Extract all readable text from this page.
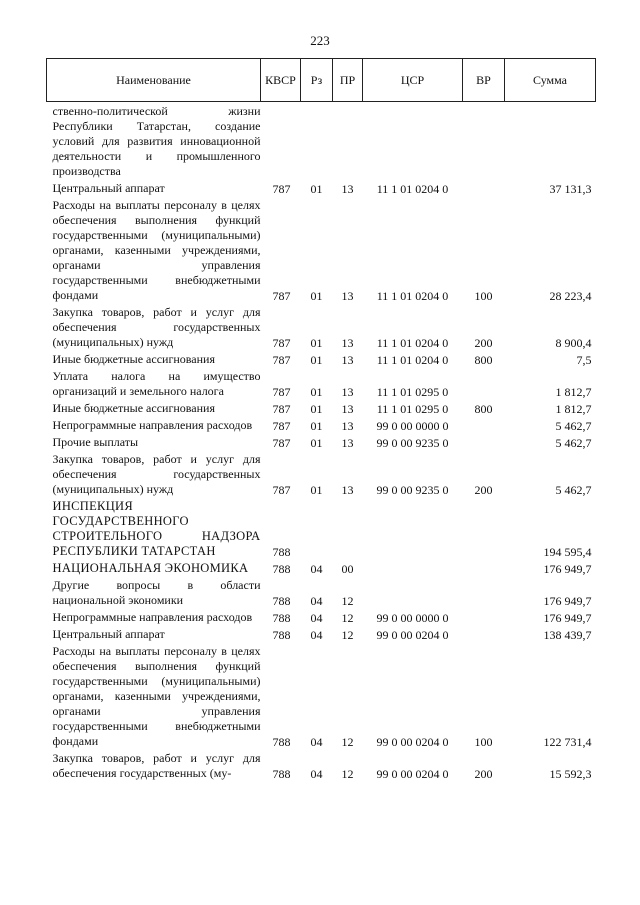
223
Наименование	КВСР	Рз	ПР	ЦСР	ВР	Сумма
ственно-политической жизни Республики Татарстан, создание условий для развития инновационной деятельности и промышленного производства						
Центральный аппарат	787	01	13	11 1 01 0204 0		37 131,3
Расходы на выплаты персоналу в целях обеспечения выполнения функций государственными (муниципальными) органами, казенными учреждениями, органами управления государственными внебюджетными фондами	787	01	13	11 1 01 0204 0	100	28 223,4
Закупка товаров, работ и услуг для обеспечения государственных (муниципальных) нужд	787	01	13	11 1 01 0204 0	200	8 900,4
Иные бюджетные ассигнования	787	01	13	11 1 01 0204 0	800	7,5
Уплата налога на имущество организаций и земельного налога	787	01	13	11 1 01 0295 0		1 812,7
Иные бюджетные ассигнования	787	01	13	11 1 01 0295 0	800	1 812,7
Непрограммные направления расходов	787	01	13	99 0 00 0000 0		5 462,7
Прочие выплаты	787	01	13	99 0 00 9235 0		5 462,7
Закупка товаров, работ и услуг для обеспечения государственных (муниципальных) нужд	787	01	13	99 0 00 9235 0	200	5 462,7
ИНСПЕКЦИЯ ГОСУДАРСТВЕННОГО СТРОИТЕЛЬНОГО НАДЗОРА РЕСПУБЛИКИ ТАТАРСТАН	788					194 595,4
НАЦИОНАЛЬНАЯ ЭКОНОМИКА	788	04	00			176 949,7
Другие вопросы в области национальной экономики	788	04	12			176 949,7
Непрограммные направления расходов	788	04	12	99 0 00 0000 0		176 949,7
Центральный аппарат	788	04	12	99 0 00 0204 0		138 439,7
Расходы на выплаты персоналу в целях обеспечения выполнения функций государственными (муниципальными) органами, казенными учреждениями, органами управления государственными внебюджетными фондами	788	04	12	99 0 00 0204 0	100	122 731,4
Закупка товаров, работ и услуг для обеспечения государственных (му-	788	04	12	99 0 00 0204 0	200	15 592,3
